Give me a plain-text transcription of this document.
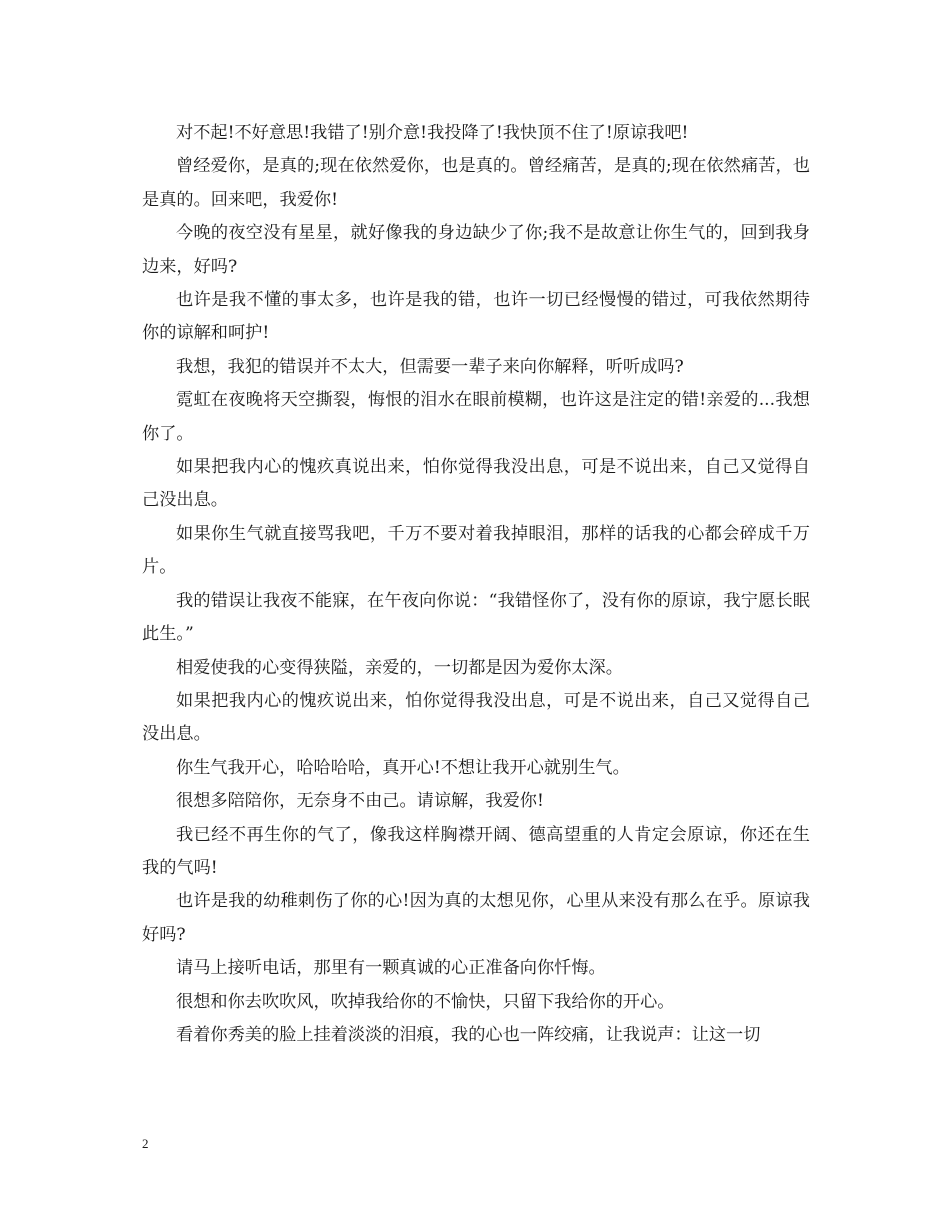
对不起!不好意思!我错了!别介意!我投降了!我快顶不住了!原谅我吧!

曾经爱你，是真的;现在依然爱你，也是真的。曾经痛苦，是真的;现在依然痛苦，也是真的。回来吧，我爱你!

今晚的夜空没有星星，就好像我的身边缺少了你;我不是故意让你生气的，回到我身边来，好吗?

也许是我不懂的事太多，也许是我的错，也许一切已经慢慢的错过，可我依然期待你的谅解和呵护!

我想，我犯的错误并不太大，但需要一辈子来向你解释，听听成吗?

霓虹在夜晚将天空撕裂，悔恨的泪水在眼前模糊，也许这是注定的错!亲爱的...我想你了。

如果把我内心的愧疚真说出来，怕你觉得我没出息，可是不说出来，自己又觉得自己没出息。

如果你生气就直接骂我吧，千万不要对着我掉眼泪，那样的话我的心都会碎成千万片。

我的错误让我夜不能寐，在午夜向你说：“我错怪你了，没有你的原谅，我宁愿长眠此生。”

相爱使我的心变得狭隘，亲爱的，一切都是因为爱你太深。

如果把我内心的愧疚说出来，怕你觉得我没出息，可是不说出来，自己又觉得自己没出息。

你生气我开心，哈哈哈哈，真开心!不想让我开心就别生气。

很想多陪陪你，无奈身不由己。请谅解，我爱你!

我已经不再生你的气了，像我这样胸襟开阔、德高望重的人肯定会原谅，你还在生我的气吗!

也许是我的幼稚刺伤了你的心!因为真的太想见你，心里从来没有那么在乎。原谅我好吗?

请马上接听电话，那里有一颗真诚的心正准备向你忏悔。

很想和你去吹吹风，吹掉我给你的不愉快，只留下我给你的开心。

看着你秀美的脸上挂着淡淡的泪痕，我的心也一阵绞痛，让我说声：让这一切

2
